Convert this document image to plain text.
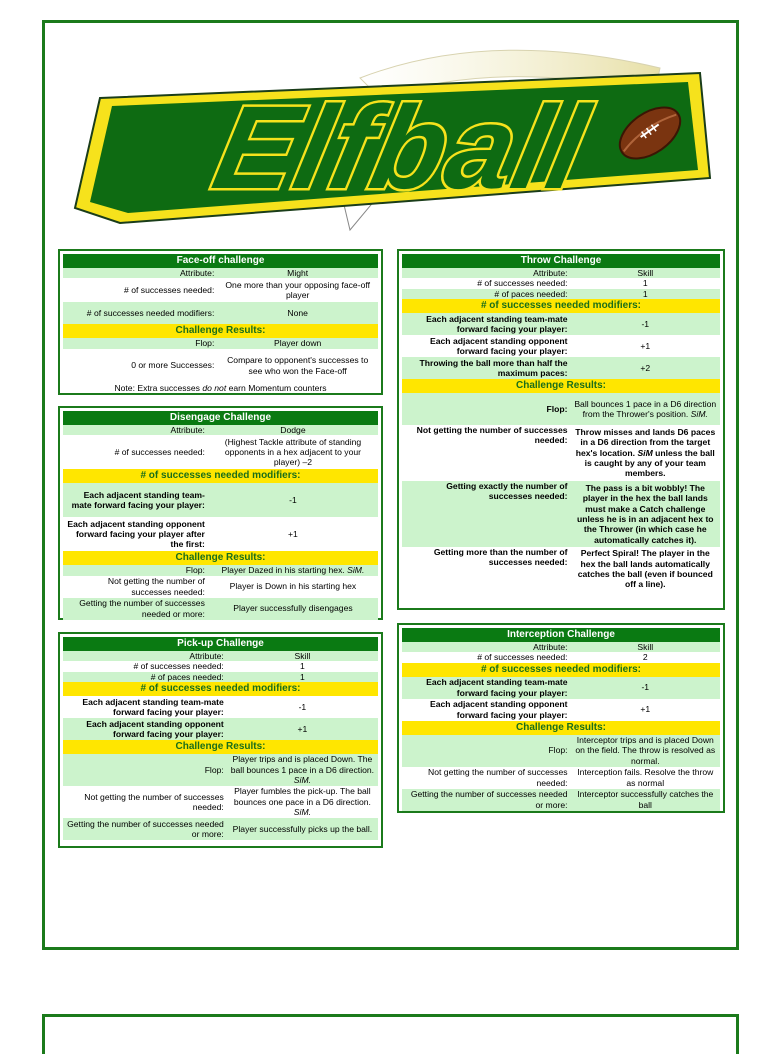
Elfball
Face-off challenge	
Attribute:	Might
# of successes needed:	One more than your opposing face-off player
# of successes needed modifiers:	None
Challenge Results:	
Flop:	Player down
0 or more Successes:	Compare to opponent's successes to see who won the Face-off
Note: Extra successes do not earn Momentum counters	
Disengage Challenge	
Attribute:	Dodge
# of successes needed:	(Highest Tackle attribute of standing opponents in a hex adjacent to your player) –2
# of successes needed modifiers:	
Each adjacent standing team-mate forward facing your player:	-1
Each adjacent standing opponent forward facing your player after the first:	+1
Challenge Results:	
Flop:	Player Dazed in his starting hex. SiM.
Not getting the number of successes needed:	Player is Down in his starting hex
Getting the number of successes needed or more:	Player successfully disengages
Pick-up Challenge	
Attribute:	Skill
# of successes needed:	1
# of paces needed:	1
# of successes needed modifiers:	
Each adjacent standing team-mate forward facing your player:	-1
Each adjacent standing opponent forward facing your player:	+1
Challenge Results:	
Flop:	Player trips and is placed Down. The ball bounces 1 pace in a D6 direction. SiM.
Not getting the number of successes needed:	Player fumbles the pick-up. The ball bounces one pace in a D6 direction. SiM.
Getting the number of successes needed or more:	Player successfully picks up the ball.
Throw Challenge	
Attribute:	Skill
# of successes needed:	1
# of paces needed:	1
# of successes needed modifiers:	
Each adjacent standing team-mate forward facing your player:	-1
Each adjacent standing opponent forward facing your player:	+1
Throwing the ball more than half the maximum paces:	+2
Challenge Results:	
Flop:	Ball bounces 1 pace in a D6 direction from the Thrower's position. SiM.
Not getting the number of successes needed:	Throw misses and lands D6 paces in a D6 direction from the target hex's location. SiM unless the ball is caught by any of your team members.
Getting exactly the number of successes needed:	The pass is a bit wobbly! The player in the hex the ball lands must make a Catch challenge unless he is in an adjacent hex to the Thrower (in which case he automatically catches it).
Getting more than the number of successes needed:	Perfect Spiral! The player in the hex the ball lands automatically catches the ball (even if bounced off a line).
Interception Challenge	
Attribute:	Skill
# of successes needed:	2
# of successes needed modifiers:	
Each adjacent standing team-mate forward facing your player:	-1
Each adjacent standing opponent forward facing your player:	+1
Challenge Results:	
Flop:	Interceptor trips and is placed Down on the field. The throw is resolved as normal.
Not getting the number of successes needed:	Interception fails. Resolve the throw as normal
Getting the number of successes needed or more:	Interceptor successfully catches the ball
